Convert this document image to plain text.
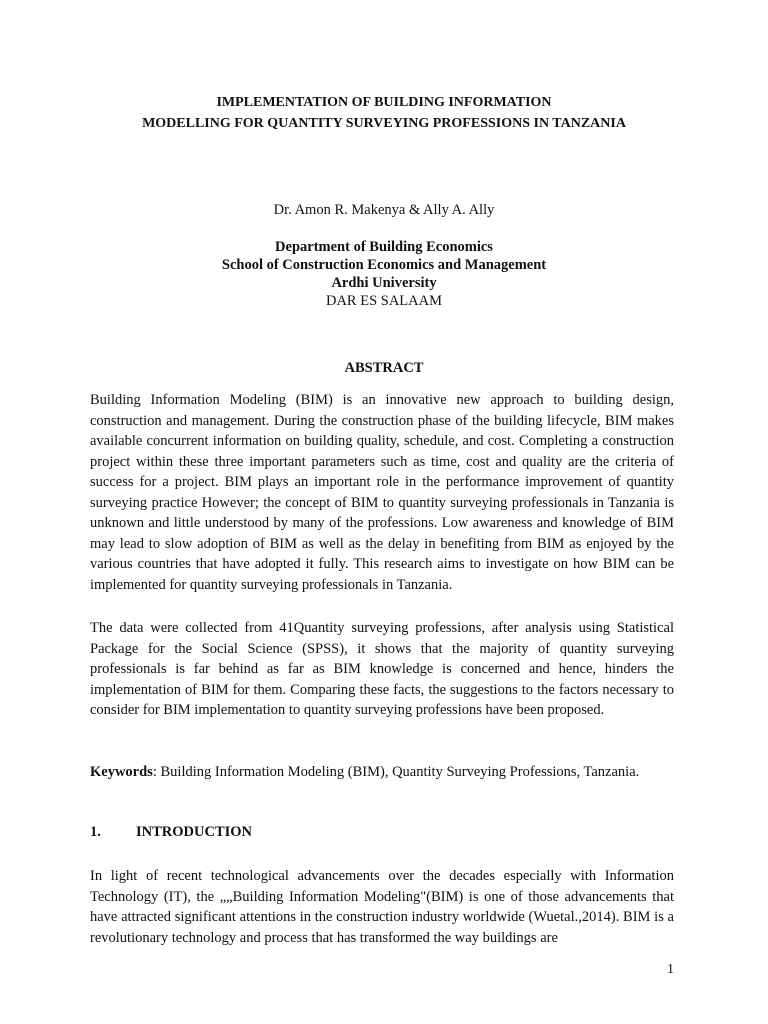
IMPLEMENTATION OF BUILDING INFORMATION
MODELLING FOR QUANTITY SURVEYING PROFESSIONS IN TANZANIA
Dr. Amon R. Makenya & Ally A. Ally
Department of Building Economics
School of Construction Economics and Management
Ardhi University
DAR ES SALAAM
ABSTRACT

Building Information Modeling (BIM) is an innovative new approach to building design, construction and management. During the construction phase of the building lifecycle, BIM makes available concurrent information on building quality, schedule, and cost. Completing a construction project within these three important parameters such as time, cost and quality are the criteria of success for a project. BIM plays an important role in the performance improvement of quantity surveying practice However; the concept of BIM to quantity surveying professionals in Tanzania is unknown and little understood by many of the professions. Low awareness and knowledge of BIM may lead to slow adoption of BIM as well as the delay in benefiting from BIM as enjoyed by the various countries that have adopted it fully. This research aims to investigate on how BIM can be implemented for quantity surveying professionals in Tanzania.

The data were collected from 41Quantity surveying professions, after analysis using Statistical Package for the Social Science (SPSS), it shows that the majority of quantity surveying professionals is far behind as far as BIM knowledge is concerned and hence, hinders the implementation of BIM for them. Comparing these facts, the suggestions to the factors necessary to consider for BIM implementation to quantity surveying professions have been proposed.

Keywords: Building Information Modeling (BIM), Quantity Surveying Professions, Tanzania.

1. INTRODUCTION

In light of recent technological advancements over the decades especially with Information Technology (IT), the „„Building Information Modeling"(BIM) is one of those advancements that have attracted significant attentions in the construction industry worldwide (Wuetal.,2014). BIM is a revolutionary technology and process that has transformed the way buildings are

1
